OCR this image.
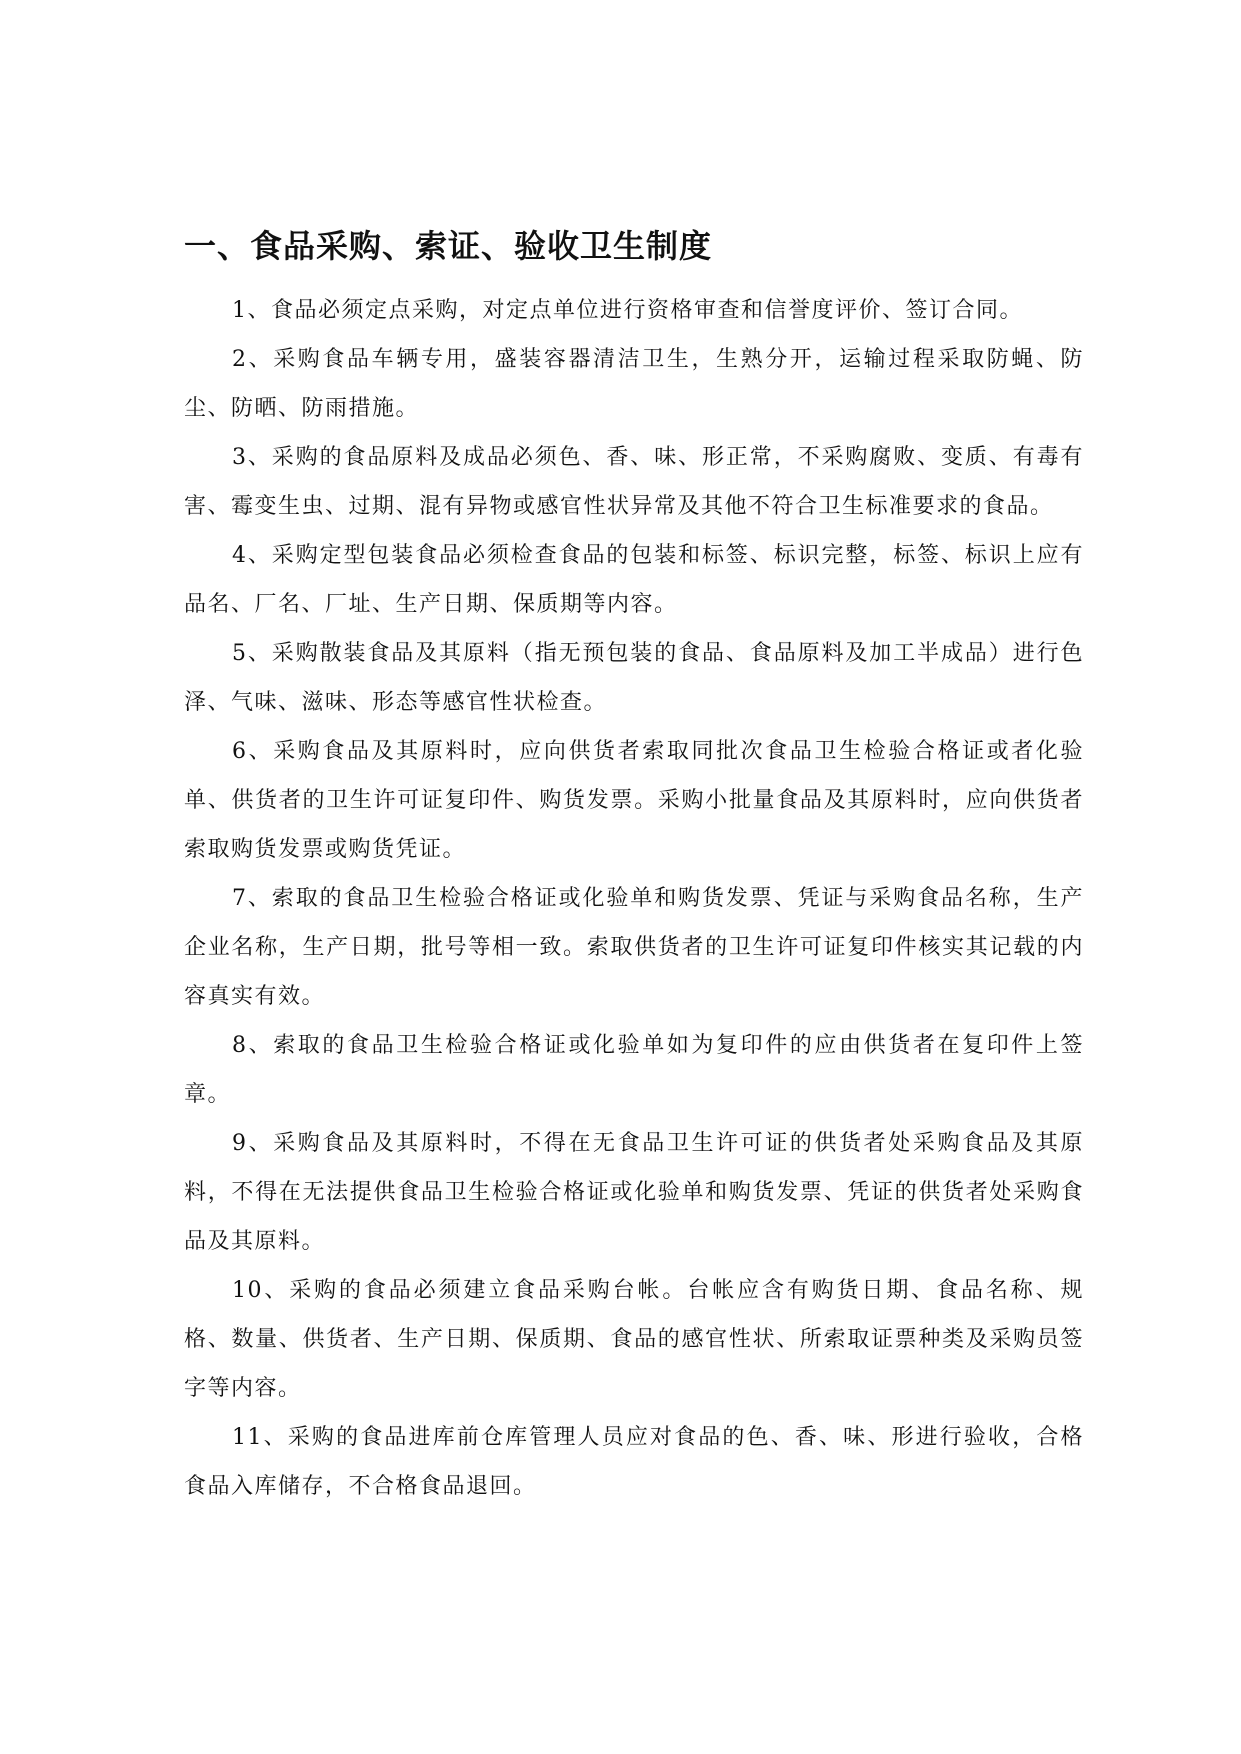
一、食品采购、索证、验收卫生制度

1、食品必须定点采购，对定点单位进行资格审查和信誉度评价、签订合同。

2、采购食品车辆专用，盛装容器清洁卫生，生熟分开，运输过程采取防蝇、防尘、防晒、防雨措施。

3、采购的食品原料及成品必须色、香、味、形正常，不采购腐败、变质、有毒有害、霉变生虫、过期、混有异物或感官性状异常及其他不符合卫生标准要求的食品。

4、采购定型包装食品必须检查食品的包装和标签、标识完整，标签、标识上应有品名、厂名、厂址、生产日期、保质期等内容。

5、采购散装食品及其原料（指无预包装的食品、食品原料及加工半成品）进行色泽、气味、滋味、形态等感官性状检查。

6、采购食品及其原料时，应向供货者索取同批次食品卫生检验合格证或者化验单、供货者的卫生许可证复印件、购货发票。采购小批量食品及其原料时，应向供货者索取购货发票或购货凭证。

7、索取的食品卫生检验合格证或化验单和购货发票、凭证与采购食品名称，生产企业名称，生产日期，批号等相一致。索取供货者的卫生许可证复印件核实其记载的内容真实有效。

8、索取的食品卫生检验合格证或化验单如为复印件的应由供货者在复印件上签章。

9、采购食品及其原料时，不得在无食品卫生许可证的供货者处采购食品及其原料，不得在无法提供食品卫生检验合格证或化验单和购货发票、凭证的供货者处采购食品及其原料。

10、采购的食品必须建立食品采购台帐。台帐应含有购货日期、食品名称、规格、数量、供货者、生产日期、保质期、食品的感官性状、所索取证票种类及采购员签字等内容。

11、采购的食品进库前仓库管理人员应对食品的色、香、味、形进行验收，合格食品入库储存，不合格食品退回。
